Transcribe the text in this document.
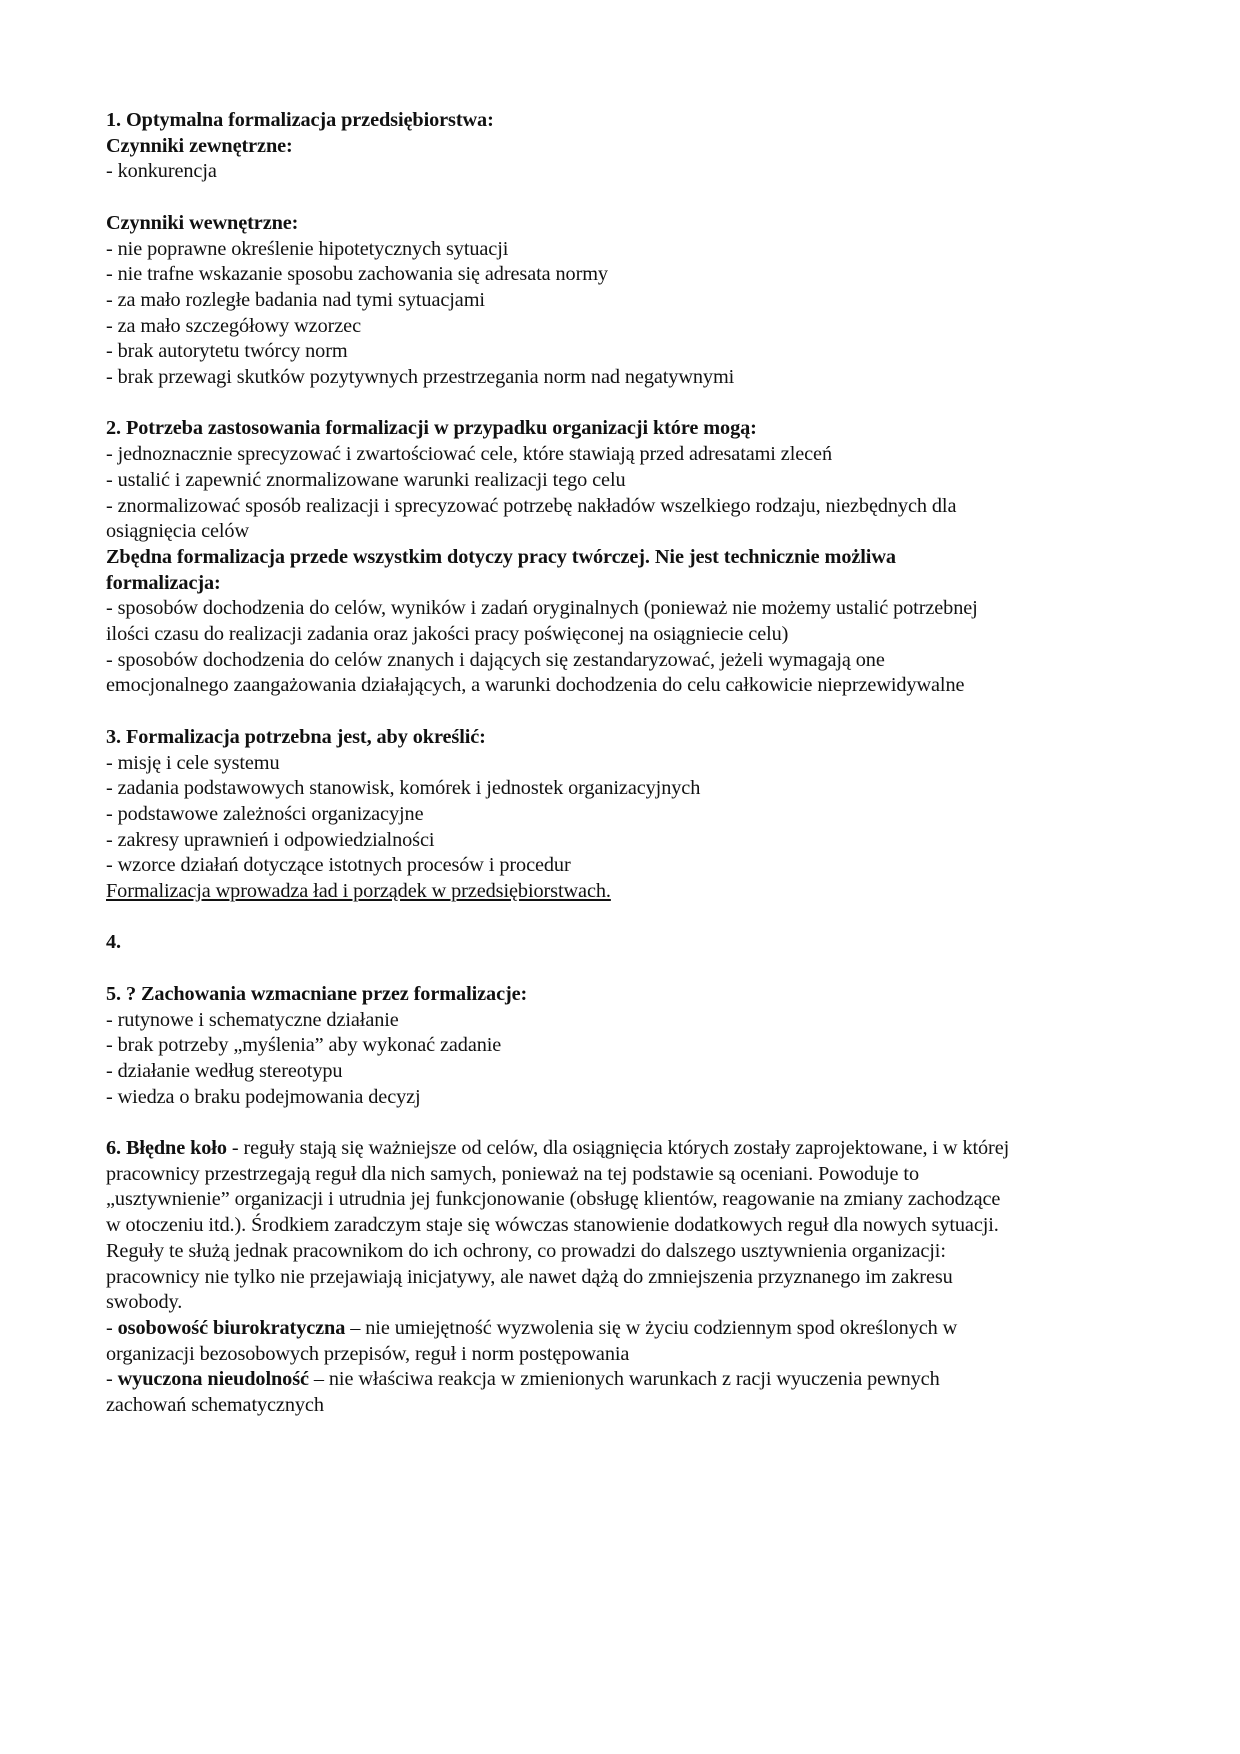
1. Optymalna formalizacja przedsiębiorstwa:

Czynniki zewnętrzne:

- konkurencja

Czynniki wewnętrzne:

- nie poprawne określenie hipotetycznych sytuacji

- nie trafne wskazanie sposobu zachowania się adresata normy

- za mało rozległe badania nad tymi sytuacjami

- za mało szczegółowy wzorzec

- brak autorytetu twórcy norm

- brak przewagi skutków pozytywnych przestrzegania norm nad negatywnymi

2. Potrzeba zastosowania formalizacji w przypadku organizacji które mogą:

- jednoznacznie sprecyzować i zwartościować cele, które stawiają przed adresatami zleceń

- ustalić i zapewnić znormalizowane warunki realizacji tego celu

- znormalizować sposób realizacji i sprecyzować potrzebę nakładów wszelkiego rodzaju, niezbędnych dla osiągnięcia celów

Zbędna formalizacja przede wszystkim dotyczy pracy twórczej. Nie jest technicznie możliwa formalizacja:

- sposobów dochodzenia do celów, wyników i zadań oryginalnych (ponieważ nie możemy ustalić potrzebnej ilości czasu do realizacji zadania oraz jakości pracy poświęconej na osiągniecie celu)

- sposobów dochodzenia do celów znanych i dających się zestandaryzować, jeżeli wymagają one emocjonalnego zaangażowania działających, a warunki dochodzenia do celu całkowicie nieprzewidywalne

3. Formalizacja potrzebna jest, aby określić:

- misję i cele systemu

- zadania podstawowych stanowisk, komórek i jednostek organizacyjnych

- podstawowe zależności organizacyjne

- zakresy uprawnień i odpowiedzialności

- wzorce działań dotyczące istotnych procesów i procedur

Formalizacja wprowadza ład i porządek w przedsiębiorstwach.

4.

5. ? Zachowania wzmacniane przez formalizacje:

- rutynowe i schematyczne działanie

- brak potrzeby „myślenia” aby wykonać zadanie

- działanie według stereotypu

- wiedza o braku podejmowania decyzj

6. Błędne koło - reguły stają się ważniejsze od celów, dla osiągnięcia których zostały zaprojektowane, i w której pracownicy przestrzegają reguł dla nich samych, ponieważ na tej podstawie są oceniani. Powoduje to „usztywnienie” organizacji i utrudnia jej funkcjonowanie (obsługę klientów, reagowanie na zmiany zachodzące w otoczeniu itd.). Środkiem zaradczym staje się wówczas stanowienie dodatkowych reguł dla nowych sytuacji. Reguły te służą jednak pracownikom do ich ochrony, co prowadzi do dalszego usztywnienia organizacji: pracownicy nie tylko nie przejawiają inicjatywy, ale nawet dążą do zmniejszenia przyznanego im zakresu swobody.

- osobowość biurokratyczna – nie umiejętność wyzwolenia się w życiu codziennym spod określonych w organizacji bezosobowych przepisów, reguł i norm postępowania

- wyuczona nieudolność – nie właściwa reakcja w zmienionych warunkach z racji wyuczenia pewnych zachowań schematycznych
